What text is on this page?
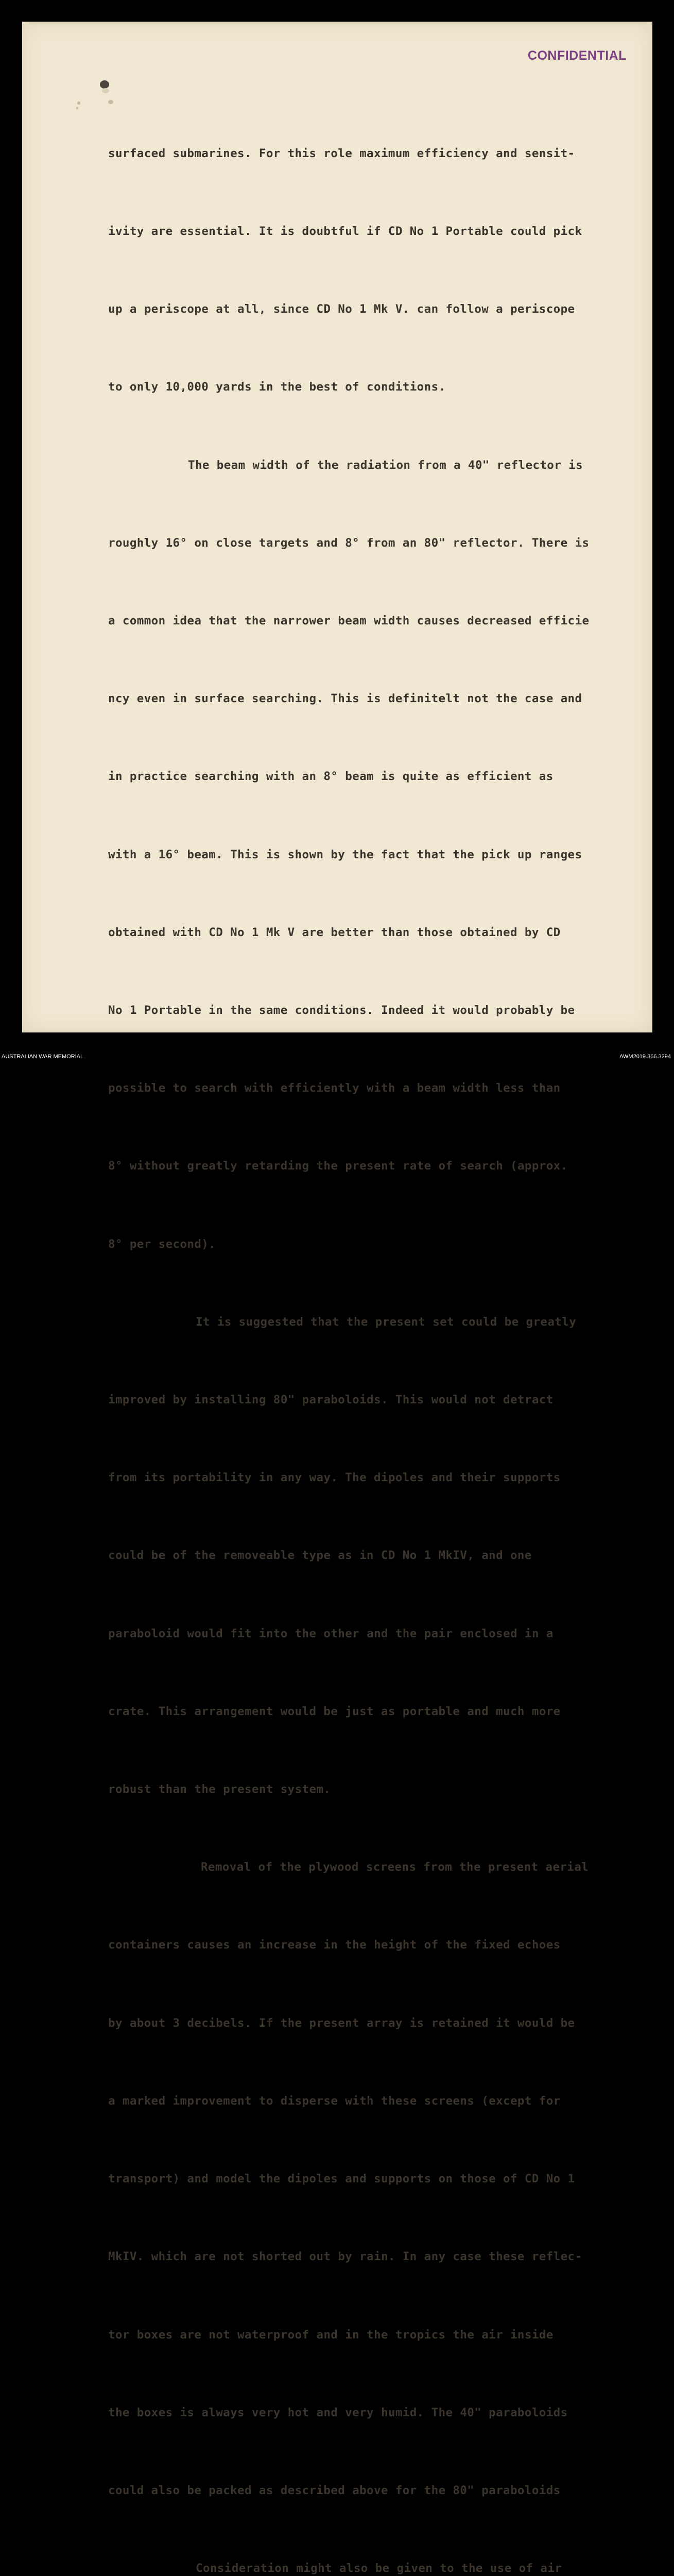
CONFIDENTIAL

surfaced submarines. For this role maximum efficiency and sensit-

ivity are essential. It is doubtful if CD No 1 Portable could pick

up a periscope at all, since CD No 1 Mk V. can follow a periscope

to only 10,000 yards in the best of conditions.

The beam width of the radiation from a 40" reflector is

roughly 16° on close targets and 8° from an 80" reflector. There is

a common idea that the narrower beam width causes decreased efficie

ncy even in surface searching. This is definitelt not the case and

in practice searching with an 8° beam is quite as efficient as

with a 16° beam. This is shown by the fact that the pick up ranges

obtained with CD No 1 Mk V are better than those obtained by CD

No 1 Portable in the same conditions. Indeed it would probably be

possible to search with efficiently with a beam width less than

8° without greatly retarding the present rate of search (approx.

8° per second).

It is suggested that the present set could be greatly

improved by installing 80" paraboloids. This would not detract

from its portability in any way. The dipoles and their supports

could be of the removeable type as in CD No 1 MkIV, and one

paraboloid would fit into the other and the pair enclosed in a

crate. This arrangement would be just as portable and much more

robust than the present system.

Removal of the plywood screens from the present aerial

containers causes an increase in the height of the fixed echoes

by about 3 decibels. If the present array is retained it would be

a marked improvement to disperse with these screens (except for

transport) and model the dipoles and supports on those of CD No 1

MkIV. which are not shorted out by rain. In any case these reflec-

tor boxes are not waterproof and in the tropics the air inside

the boxes is always very hot and very humid. The 40" paraboloids

could also be packed as described above for the 80" paraboloids

Consideration might also be given to the use of air

AUSTRALIAN WAR MEMORIAL	AWM2019.366.3294
